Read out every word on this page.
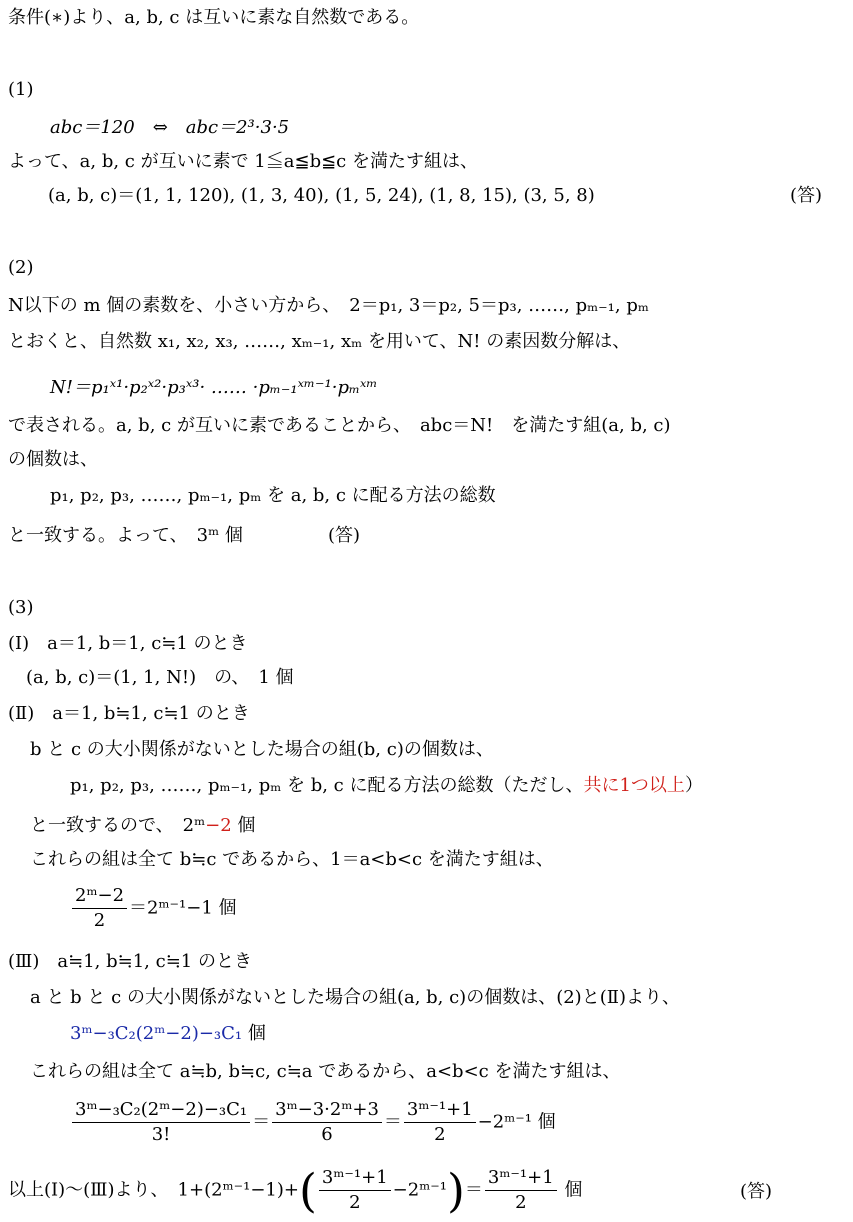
条件(∗)より、a, b, c は互いに素な自然数である。
(1)
abc＝120　⇔　abc＝2³·3·5
よって、a, b, c が互いに素で 1≦a≦b≦c を満たす組は、
(a, b, c)＝(1, 1, 120), (1, 3, 40), (1, 5, 24), (1, 8, 15), (3, 5, 8)	(答)
(2)
N以下の m 個の素数を、小さい方から、　2＝p₁, 3＝p₂, 5＝p₃, ……, pₘ₋₁, pₘ
とおくと、自然数 x₁, x₂, x₃, ……, xₘ₋₁, xₘ を用いて、N! の素因数分解は、
N!＝p₁ˣ¹·p₂ˣ²·p₃ˣ³· …… ·pₘ₋₁ˣᵐ⁻¹·pₘˣᵐ
で表される。a, b, c が互いに素であることから、　abc＝N!　を満たす組(a, b, c)
の個数は、
p₁, p₂, p₃, ……, pₘ₋₁, pₘ を a, b, c に配る方法の総数
と一致する。よって、　3ᵐ 個	(答)
(3)
(Ⅰ)　a＝1, b＝1, c≒1 のとき
(a, b, c)＝(1, 1, N!)　の、　1 個
(Ⅱ)　a＝1, b≒1, c≒1 のとき
b と c の大小関係がないとした場合の組(b, c)の個数は、
p₁, p₂, p₃, ……, pₘ₋₁, pₘ を b, c に配る方法の総数（ただし、共に1つ以上）
と一致するので、　2ᵐ−2 個
これらの組は全て b≒c であるから、1＝a<b<c を満たす組は、
$\frac{\text{2ᵐ−2}}{2}$ ＝2ᵐ⁻¹−1 個
(Ⅲ)　a≒1, b≒1, c≒1 のとき
a と b と c の大小関係がないとした場合の組(a, b, c)の個数は、(2)と(Ⅱ)より、
3ᵐ−₃C₂(2ᵐ−2)−₃C₁ 個
これらの組は全て a≒b, b≒c, c≒a であるから、a<b<c を満たす組は、
$\frac{\text{3ᵐ−₃C₂(2ᵐ−2)−₃C₁}}{3!} = \frac{\text{3ᵐ−3·2ᵐ+3}}{6} = \frac{\text{3ᵐ⁻¹+1}}{2}$ −2ᵐ⁻¹ 個
以上(Ⅰ)〜(Ⅲ)より、　1+(2ᵐ⁻¹−1)+( $\frac{\text{3ᵐ⁻¹+1}}{2}$ −2ᵐ⁻¹)＝ $\frac{\text{3ᵐ⁻¹+1}}{2}$ 個	(答)
